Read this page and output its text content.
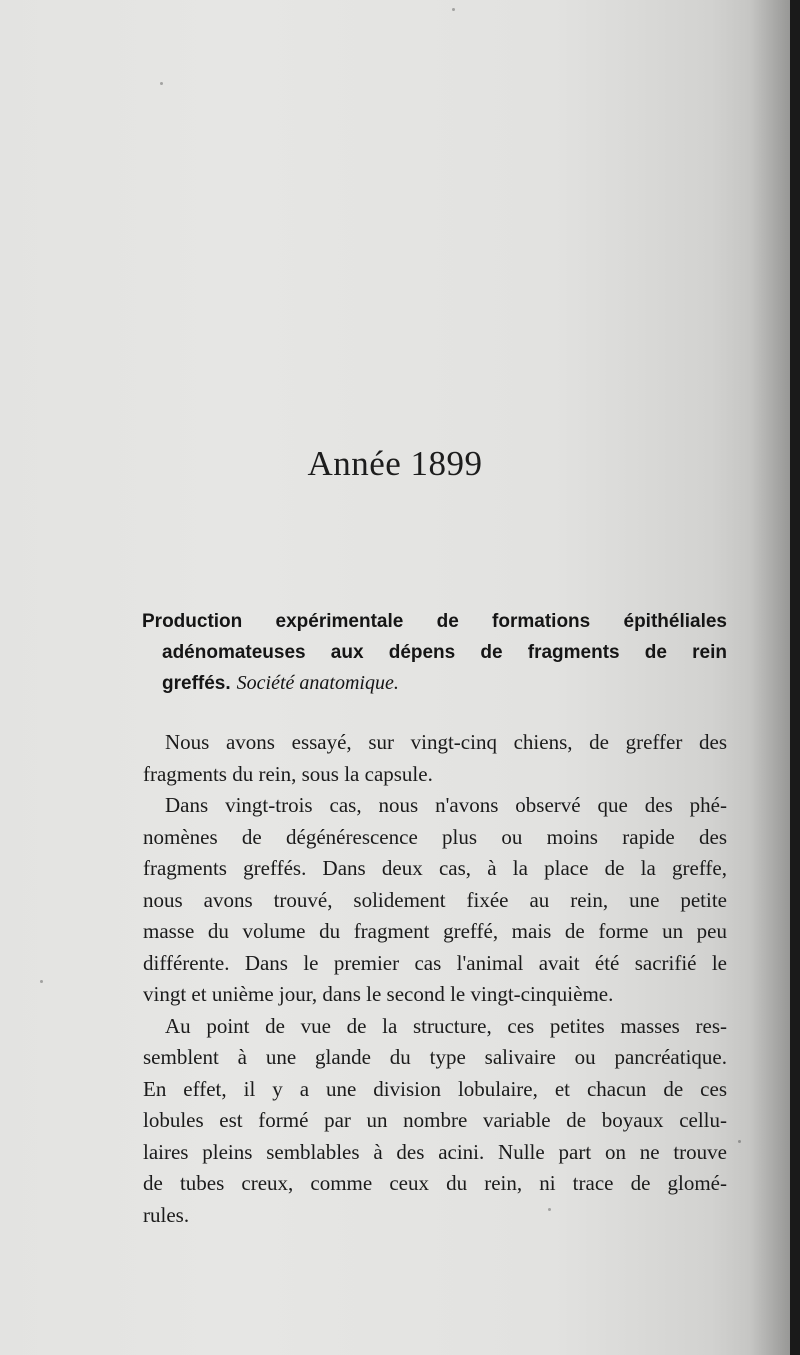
Année 1899
Production expérimentale de formations épithéliales
adénomateuses aux dépens de fragments de rein
greffés. Société anatomique.
Nous avons essayé, sur vingt-cinq chiens, de greffer des
fragments du rein, sous la capsule.
Dans vingt-trois cas, nous n'avons observé que des phé-
nomènes de dégénérescence plus ou moins rapide des
fragments greffés. Dans deux cas, à la place de la greffe,
nous avons trouvé, solidement fixée au rein, une petite
masse du volume du fragment greffé, mais de forme un peu
différente. Dans le premier cas l'animal avait été sacrifié le
vingt et unième jour, dans le second le vingt-cinquième.
Au point de vue de la structure, ces petites masses res-
semblent à une glande du type salivaire ou pancréatique.
En effet, il y a une division lobulaire, et chacun de ces
lobules est formé par un nombre variable de boyaux cellu-
laires pleins semblables à des acini. Nulle part on ne trouve
de tubes creux, comme ceux du rein, ni trace de glomé-
rules.
